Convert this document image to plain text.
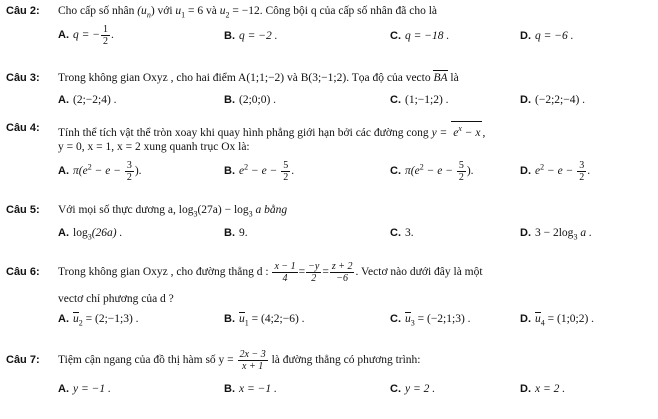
Câu 2: Cho cấp số nhân $(u_n)$ với $u_1 = 6$ và $u_2 = -12$. Công bội q của cấp số nhân đã cho là
A. q = − $\frac{1}{2}$ .	B. q = −2 .	C. q = −18 .	D. q = −6 .
Câu 3: Trong không gian Oxyz , cho hai điểm A(1;1;−2) và B(3;−1;2). Tọa độ của vecto BA là
A. (2;−2;4) .	B. (2;0;0) .	C. (1;−1;2) .	D. (−2;2;−4) .
Câu 4: Tính thể tích vật thể tròn xoay khi quay hình phẳng giới hạn bởi các đường cong $y = e^x - x$ ,
y = 0, x = 1, x = 2 xung quanh trục Ox là:
A. $\pi(e^2 - e - \frac{3}{2}$ ).	B. $e^2 - e - \frac{5}{2}$ .	C. $\pi(e^2 - e - \frac{5}{2}$ ).	D. $e^2 - e - \frac{3}{2}$ .
Câu 5: Với mọi số thực dương a, $\log_3(27a) - \log_3 a$ bằng
A. $\log_3(26a)$ .	B. 9.	C. 3.	D. $3 - 2\log_3$ a .
Câu 6: Trong không gian Oxyz , cho đường thẳng d : $\frac{x - 1}{4} = \frac{-y}{2} = \frac{z + 2}{-6}$ . Vectơ nào dưới đây là một
vectơ chỉ phương của d ?
A. $u_2$ = (2;−1;3) .	B. $u_1$ = (4;2;−6) .	C. $u_3$ = (−2;1;3) .	D. $u_4$ = (1;0;2) .
Câu 7: Tiệm cận ngang của đồ thị hàm số $y = \frac{2x - 3}{x + 1}$ là đường thẳng có phương trình:
A. y = −1 .	B. x = −1 .	C. y = 2 .	D. x = 2 .
